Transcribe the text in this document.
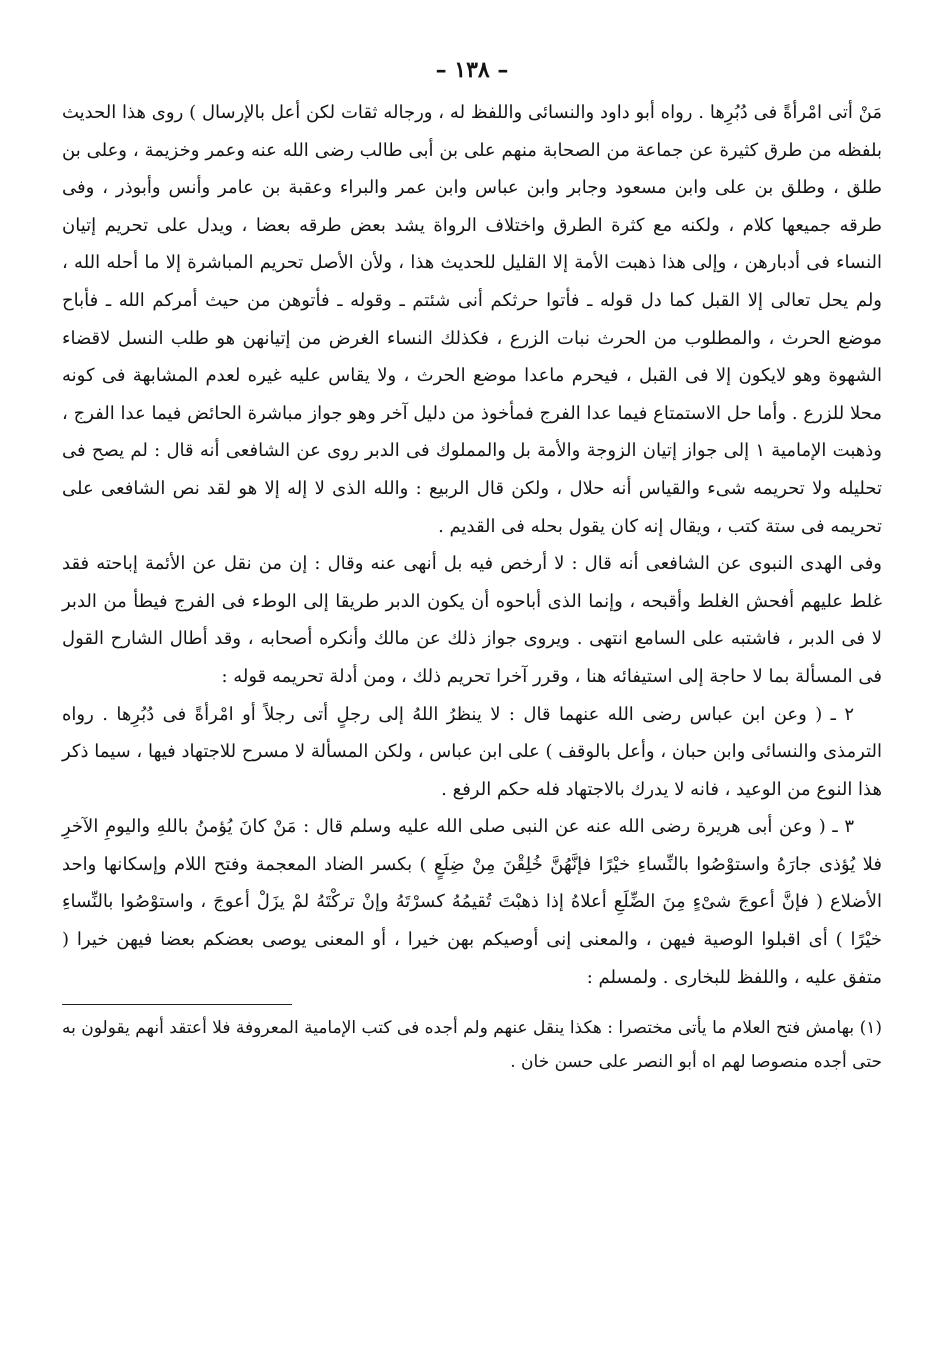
– ١٣٨ –

مَنْ أتى امْرأةً فى دُبُرِها . رواه أبو داود والنسائى واللفظ له ، ورجاله ثقات لكن أعل بالإرسال ) روى هذا الحديث بلفظه من طرق كثيرة عن جماعة من الصحابة منهم على بن أبى طالب رضى الله عنه وعمر وخزيمة ، وعلى بن طلق ، وطلق بن على وابن مسعود وجابر وابن عباس وابن عمر والبراء وعقبة بن عامر وأنس وأبوذر ، وفى طرقه جميعها كلام ، ولكنه مع كثرة الطرق واختلاف الرواة يشد بعض طرقه بعضا ، ويدل على تحريم إتيان النساء فى أدبارهن ، وإلى هذا ذهبت الأمة إلا القليل للحديث هذا ، ولأن الأصل تحريم المباشرة إلا ما أحله الله ، ولم يحل تعالى إلا القبل كما دل قوله ـ فأتوا حرثكم أنى شئتم ـ وقوله ـ فأتوهن من حيث أمركم الله ـ فأباح موضع الحرث ، والمطلوب من الحرث نبات الزرع ، فكذلك النساء الغرض من إتيانهن هو طلب النسل لاقضاء الشهوة وهو لايكون إلا فى القبل ، فيحرم ماعدا موضع الحرث ، ولا يقاس عليه غيره لعدم المشابهة فى كونه محلا للزرع . وأما حل الاستمتاع فيما عدا الفرج فمأخوذ من دليل آخر وهو جواز مباشرة الحائض فيما عدا الفرج ، وذهبت الإمامية ١ إلى جواز إتيان الزوجة والأمة بل والمملوك فى الدبر روى عن الشافعى أنه قال : لم يصح فى تحليله ولا تحريمه شىء والقياس أنه حلال ، ولكن قال الربيع : والله الذى لا إله إلا هو لقد نص الشافعى على تحريمه فى ستة كتب ، ويقال إنه كان يقول بحله فى القديم .

وفى الهدى النبوى عن الشافعى أنه قال : لا أرخص فيه بل أنهى عنه وقال : إن من نقل عن الأئمة إباحته فقد غلط عليهم أفحش الغلط وأقبحه ، وإنما الذى أباحوه أن يكون الدبر طريقا إلى الوطء فى الفرج فيطأ من الدبر لا فى الدبر ، فاشتبه على السامع انتهى . ويروى جواز ذلك عن مالك وأنكره أصحابه ، وقد أطال الشارح القول فى المسألة بما لا حاجة إلى استيفائه هنا ، وقرر آخرا تحريم ذلك ، ومن أدلة تحريمه قوله :

٢ ـ ( وعن ابن عباس رضى الله عنهما قال : لا ينظرُ اللهُ إلى رجلٍ أتى رجلاً أو امْرأةً فى دُبُرِها . رواه الترمذى والنسائى وابن حبان ، وأعل بالوقف ) على ابن عباس ، ولكن المسألة لا مسرح للاجتهاد فيها ، سيما ذكر هذا النوع من الوعيد ، فانه لا يدرك بالاجتهاد فله حكم الرفع .

٣ ـ ( وعن أبى هريرة رضى الله عنه عن النبى صلى الله عليه وسلم قال : مَنْ كانَ يُؤمنُ باللهِ واليومِ الآخرِ فلا يُؤذى جارَهُ واستوْصُوا بالنِّساءِ خيْرًا فإنَّهُنَّ خُلِقْنَ مِنْ ضِلَعٍ ) بكسر الضاد المعجمة وفتح اللام وإسكانها واحد الأضلاع ( فإنَّ أعوجَ شىْءٍ مِنَ الضِّلَعِ أعلاهُ إذا ذهبْتَ تُقيمُهُ كسرْتَهُ وإنْ تركْتَهُ لمْ يزَلْ أعوجَ ، واستوْصُوا بالنِّساءِ خيْرًا ) أى اقبلوا الوصية فيهن ، والمعنى إنى أوصيكم بهن خيرا ، أو المعنى يوصى بعضكم بعضا فيهن خيرا ( متفق عليه ، واللفظ للبخارى . ولمسلم :

(١) بهامش فتح العلام ما يأتى مختصرا : هكذا ينقل عنهم ولم أجده فى كتب الإمامية المعروفة فلا أعتقد أنهم يقولون به حتى أجده منصوصا لهم اه أبو النصر على حسن خان .
